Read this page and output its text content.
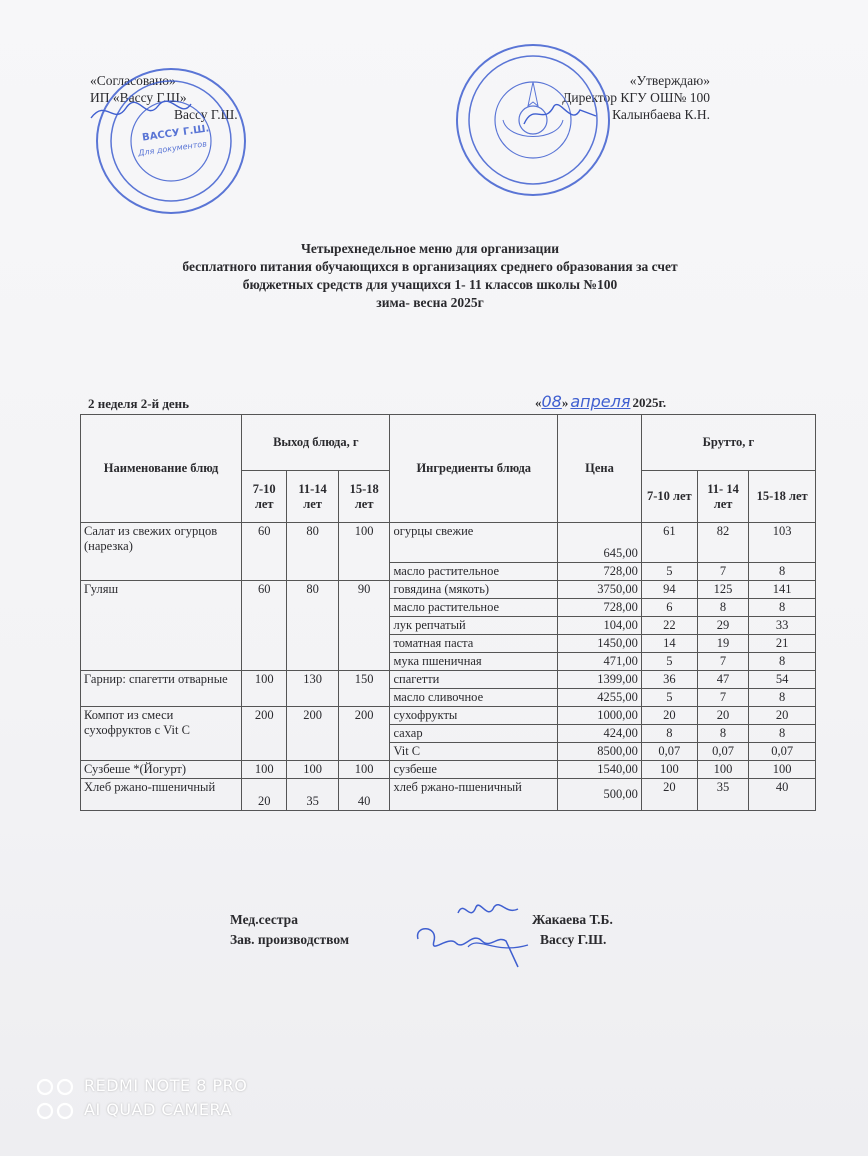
«Согласовано»
ИП «Вассу Г.Ш»
Вассу Г.Ш.
«Утверждаю»
Директор КГУ ОШ№ 100
Калынбаева К.Н.
ВАССУ Г.Ш.
Для документов
Четырехнедельное меню для организации
бесплатного питания обучающихся в организациях среднего образования за счет
бюджетных средств для учащихся 1- 11 классов школы №100
зима- весна 2025г
2 неделя 2-й день	«08» апреля 2025г.
Наименование блюд	Выход блюда, г			Ингредиенты блюда	Цена	Брутто, г		
	7-10 лет	11-14 лет	15-18 лет			7-10 лет	11- 14 лет	15-18 лет
Салат из свежих огурцов (нарезка)	60	80	100	огурцы свежие	645,00	61	82	103
				масло растительное	728,00	5	7	8
Гуляш	60	80	90	говядина (мякоть)	3750,00	94	125	141
				масло растительное	728,00	6	8	8
				лук репчатый	104,00	22	29	33
				томатная паста	1450,00	14	19	21
				мука пшеничная	471,00	5	7	8
Гарнир: спагетти отварные	100	130	150	спагетти	1399,00	36	47	54
				масло сливочное	4255,00	5	7	8
Компот из смеси сухофруктов с Vit C	200	200	200	сухофрукты	1000,00	20	20	20
				сахар	424,00	8	8	8
				Vit C	8500,00	0,07	0,07	0,07
Сузбеше *(Йогурт)	100	100	100	сузбеше	1540,00	100	100	100
Хлеб ржано-пшеничный	20	35	40	хлеб ржано-пшеничный	500,00	20	35	40
Мед.сестра
Зав. производством
Жакаева Т.Б.
Вассу Г.Ш.
REDMI NOTE 8 PRO
AI QUAD CAMERA
